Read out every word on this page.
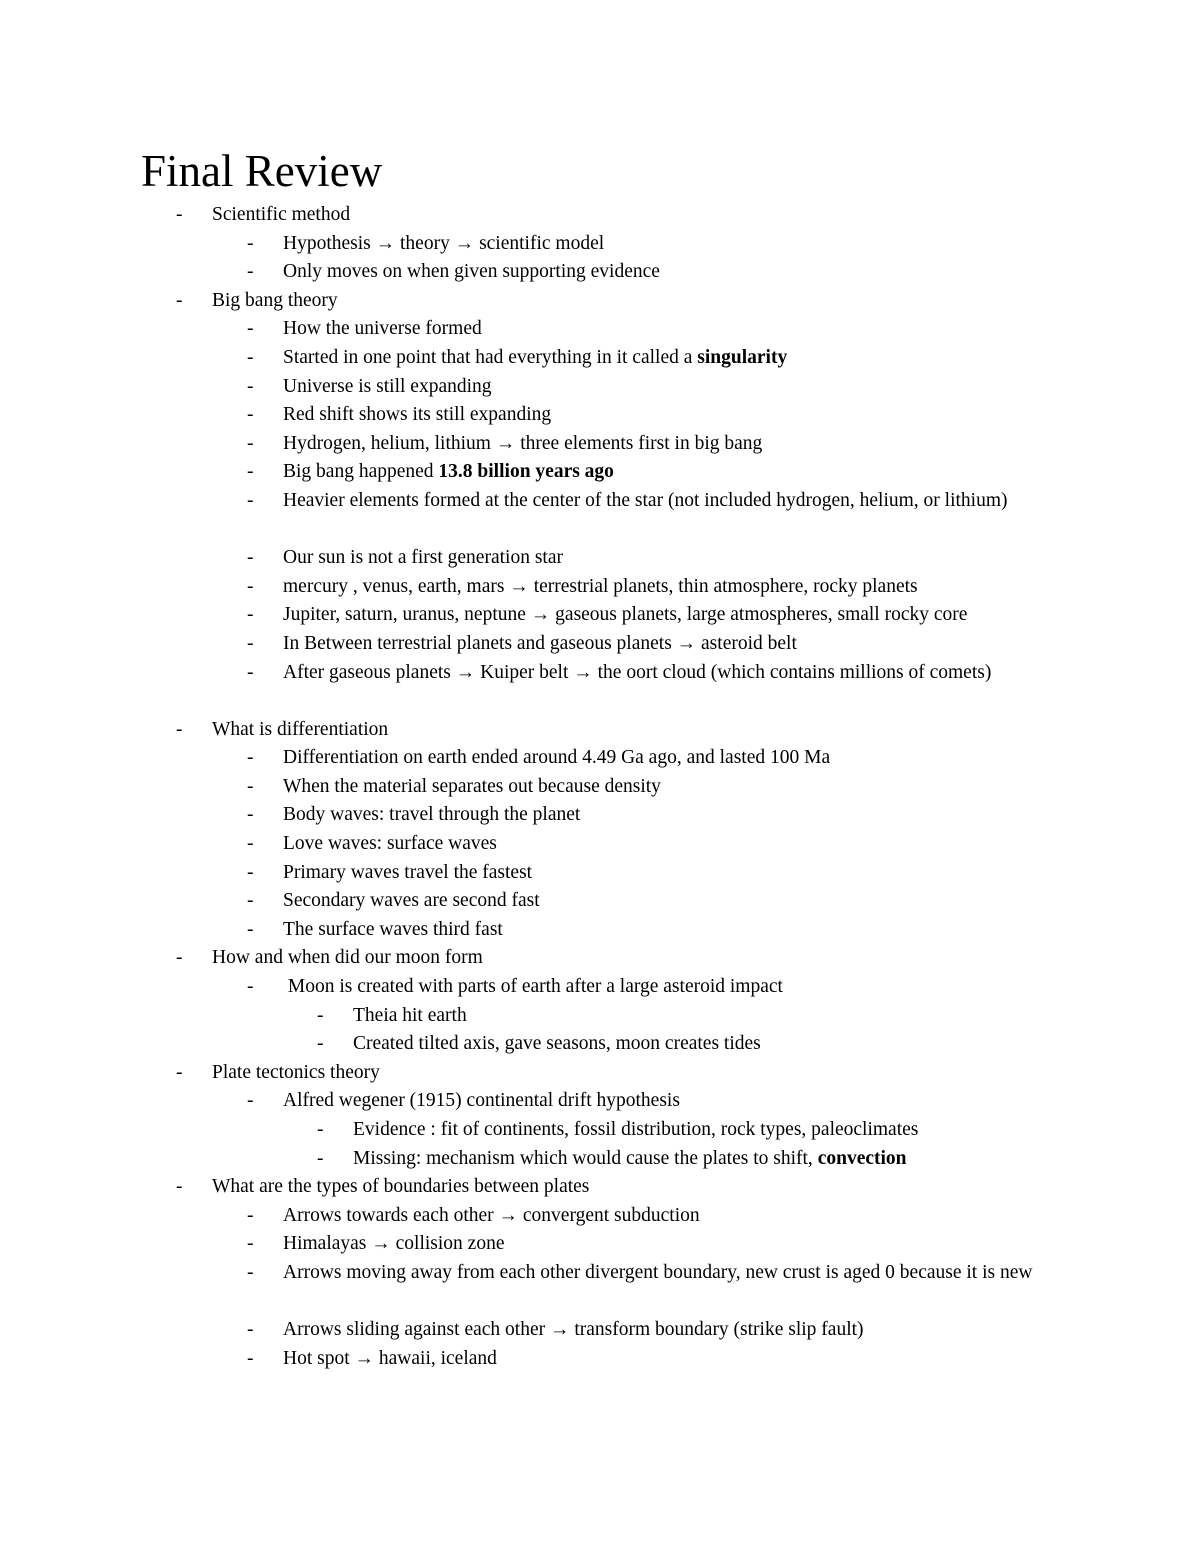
Final Review
- Scientific method
- Hypothesis → theory → scientific model
- Only moves on when given supporting evidence
- Big bang theory
- How the universe formed
- Started in one point that had everything in it called a singularity
- Universe is still expanding
- Red shift shows its still expanding
- Hydrogen, helium, lithium → three elements first in big bang
- Big bang happened 13.8 billion years ago
- Heavier elements formed at the center of the star (not included hydrogen, helium, or lithium)
- Our sun is not a first generation star
- mercury , venus, earth, mars → terrestrial planets, thin atmosphere, rocky planets
- Jupiter, saturn, uranus, neptune → gaseous planets, large atmospheres, small rocky core
- In Between terrestrial planets and gaseous planets → asteroid belt
- After gaseous planets → Kuiper belt → the oort cloud (which contains millions of comets)
- What is differentiation
- Differentiation on earth ended around 4.49 Ga ago, and lasted 100 Ma
- When the material separates out because density
- Body waves: travel through the planet
- Love waves: surface waves
- Primary waves travel the fastest
- Secondary waves are second fast
- The surface waves third fast
- How and when did our moon form
- Moon is created with parts of earth after a large asteroid impact
- Theia hit earth
- Created tilted axis, gave seasons, moon creates tides
- Plate tectonics theory
- Alfred wegener (1915) continental drift hypothesis
- Evidence : fit of continents, fossil distribution, rock types, paleoclimates
- Missing: mechanism which would cause the plates to shift, convection
- What are the types of boundaries between plates
- Arrows towards each other → convergent subduction
- Himalayas → collision zone
- Arrows moving away from each other divergent boundary, new crust is aged 0 because it is new
- Arrows sliding against each other → transform boundary (strike slip fault)
- Hot spot → hawaii, iceland
